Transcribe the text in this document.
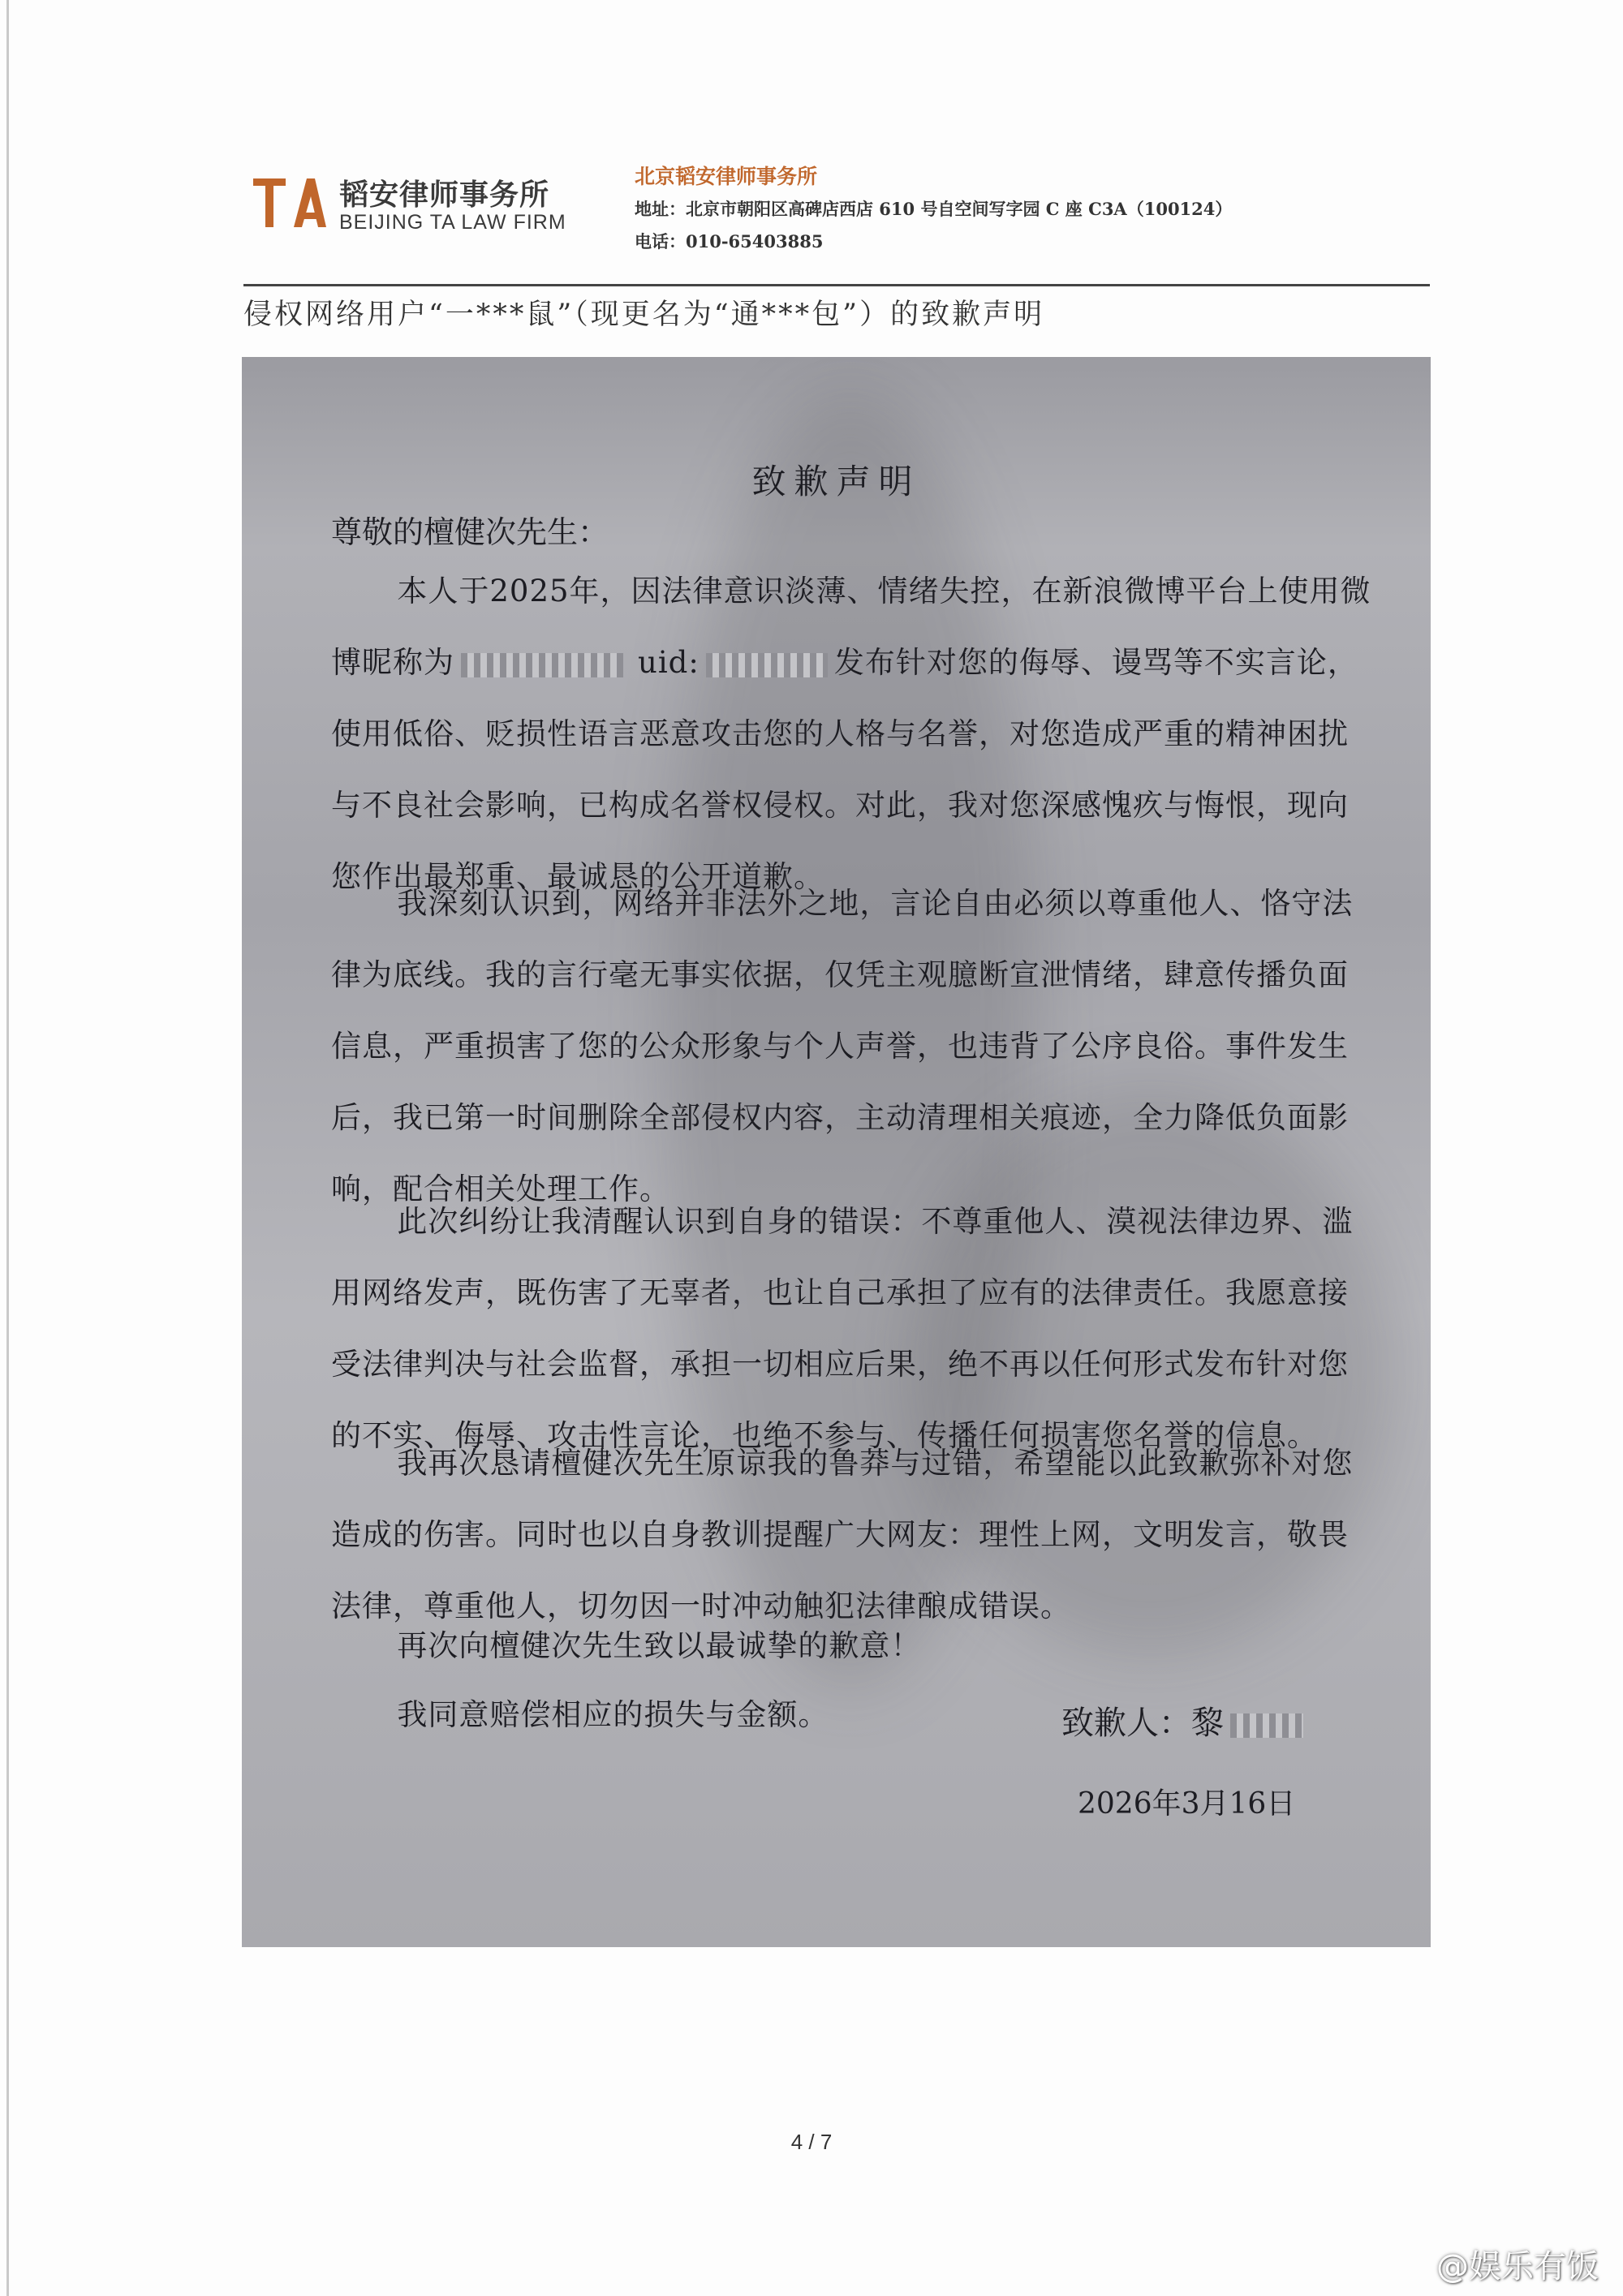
韬安律师事务所
BEIJING TA LAW FIRM
北京韬安律师事务所
地址：北京市朝阳区高碑店西店 610 号自空间写字园 C 座 C3A（100124）
电话：010-65403885
侵权网络用户“一***鼠”（现更名为“通***包”）的致歉声明
致歉声明
尊敬的檀健次先生：

本人于2025年，因法律意识淡薄、情绪失控，在新浪微博平台上使用微博昵称为	uid:	发布针对您的侮辱、谩骂等不实言论，使用低俗、贬损性语言恶意攻击您的人格与名誉，对您造成严重的精神困扰与不良社会影响，已构成名誉权侵权。对此，我对您深感愧疚与悔恨，现向您作出最郑重、最诚恳的公开道歉。

我深刻认识到，网络并非法外之地，言论自由必须以尊重他人、恪守法律为底线。我的言行毫无事实依据，仅凭主观臆断宣泄情绪，肆意传播负面信息，严重损害了您的公众形象与个人声誉，也违背了公序良俗。事件发生后，我已第一时间删除全部侵权内容，主动清理相关痕迹，全力降低负面影响，配合相关处理工作。

此次纠纷让我清醒认识到自身的错误：不尊重他人、漠视法律边界、滥用网络发声，既伤害了无辜者，也让自己承担了应有的法律责任。我愿意接受法律判决与社会监督，承担一切相应后果，绝不再以任何形式发布针对您的不实、侮辱、攻击性言论，也绝不参与、传播任何损害您名誉的信息。

我再次恳请檀健次先生原谅我的鲁莽与过错，希望能以此致歉弥补对您造成的伤害。同时也以自身教训提醒广大网友：理性上网，文明发言，敬畏法律，尊重他人，切勿因一时冲动触犯法律酿成错误。

再次向檀健次先生致以最诚挚的歉意！

我同意赔偿相应的损失与金额。	致歉人：黎
2026年3月16日
4 / 7
@娱乐有饭
